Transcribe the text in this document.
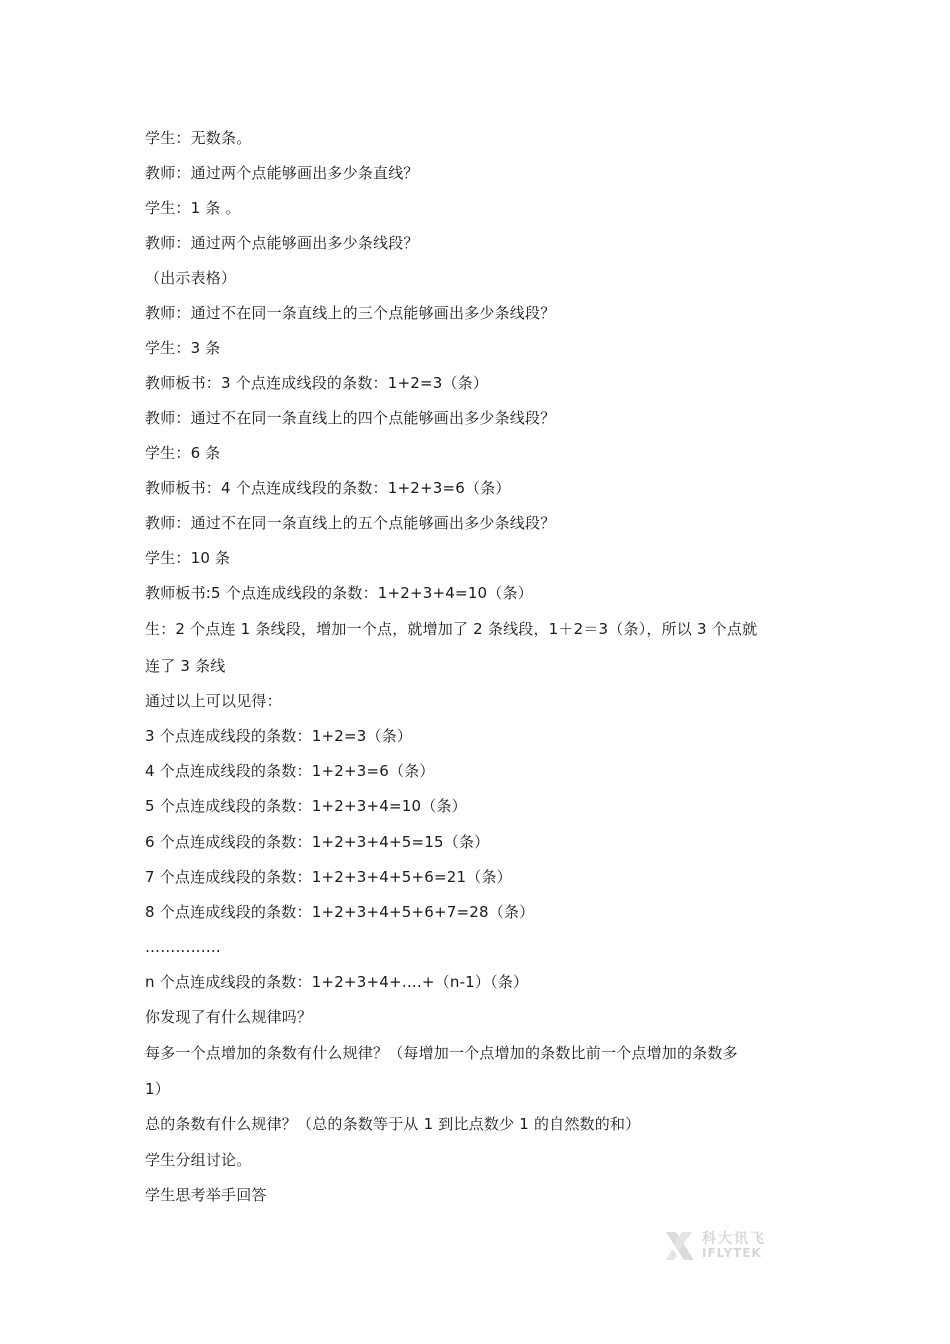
学生：无数条。
教师：通过两个点能够画出多少条直线？
学生：1 条 。
教师：通过两个点能够画出多少条线段？
（出示表格）
教师：通过不在同一条直线上的三个点能够画出多少条线段？
学生：3 条
教师板书：3 个点连成线段的条数：1+2=3（条）
教师：通过不在同一条直线上的四个点能够画出多少条线段？
学生：6 条
教师板书：4 个点连成线段的条数：1+2+3=6（条）
教师：通过不在同一条直线上的五个点能够画出多少条线段？
学生：10 条
教师板书:5 个点连成线段的条数：1+2+3+4=10（条）
生：2 个点连 1 条线段，增加一个点，就增加了 2 条线段，1＋2＝3（条），所以 3 个点就
连了 3 条线
通过以上可以见得：
3 个点连成线段的条数：1+2=3（条）
4 个点连成线段的条数：1+2+3=6（条）
5 个点连成线段的条数：1+2+3+4=10（条）
6 个点连成线段的条数：1+2+3+4+5=15（条）
7 个点连成线段的条数：1+2+3+4+5+6=21（条）
8 个点连成线段的条数：1+2+3+4+5+6+7=28（条）
……………
n 个点连成线段的条数：1+2+3+4+….+（n-1）（条）
你发现了有什么规律吗？
每多一个点增加的条数有什么规律？（每增加一个点增加的条数比前一个点增加的条数多
1）
总的条数有什么规律？（总的条数等于从 1 到比点数少 1 的自然数的和）
学生分组讨论。
学生思考举手回答
科大讯飞
IFLYTEK
